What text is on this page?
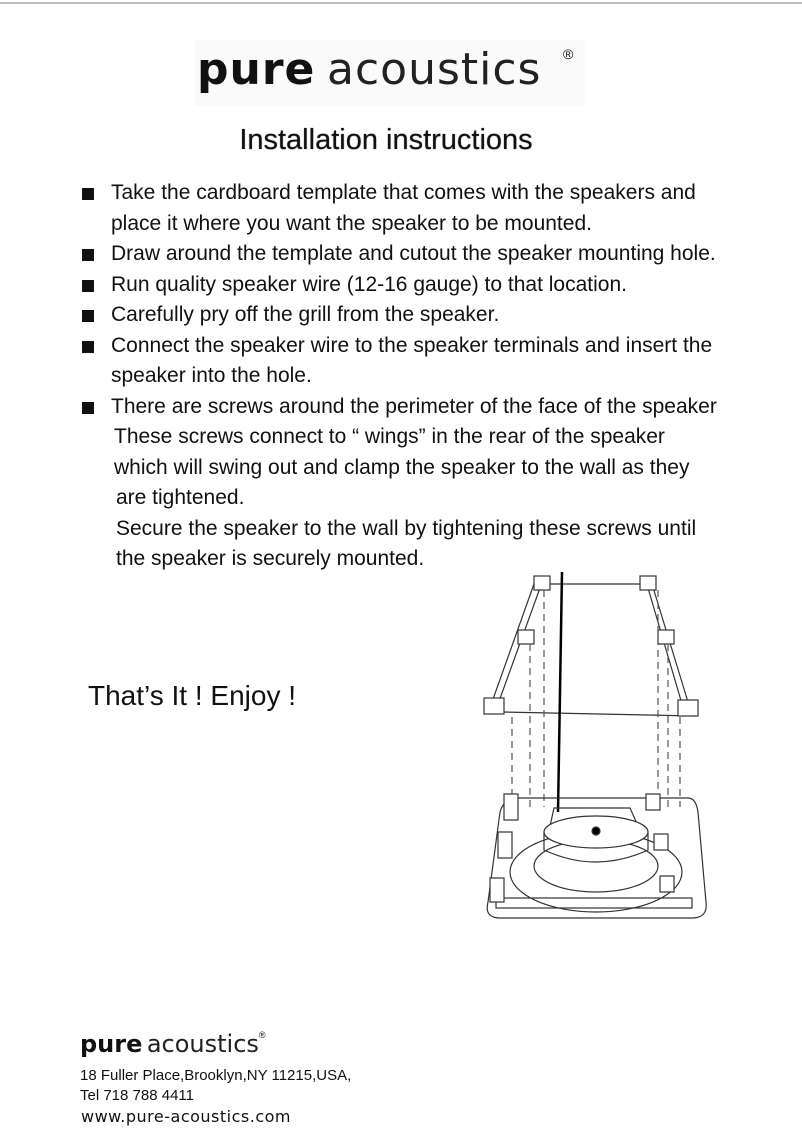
pure acoustics ®
Installation instructions
Take the cardboard template that comes with the speakers and
place it where you want the speaker to be mounted.
Draw around the template and cutout the speaker mounting hole.
Run quality speaker wire (12-16 gauge) to that location.
Carefully pry off the grill from the speaker.
Connect the speaker wire to the speaker terminals and insert the
speaker into the hole.
There are screws around the perimeter of the face of the speaker
These screws connect to “ wings” in the rear of the speaker
which will swing out and clamp the speaker to the wall as they
are tightened.
Secure the speaker to the wall by tightening these screws until
the speaker is securely mounted.
That’s It ! Enjoy !
pure acoustics®
18 Fuller Place,Brooklyn,NY 11215,USA,
Tel 718 788 4411
www.pure-acoustics.com
